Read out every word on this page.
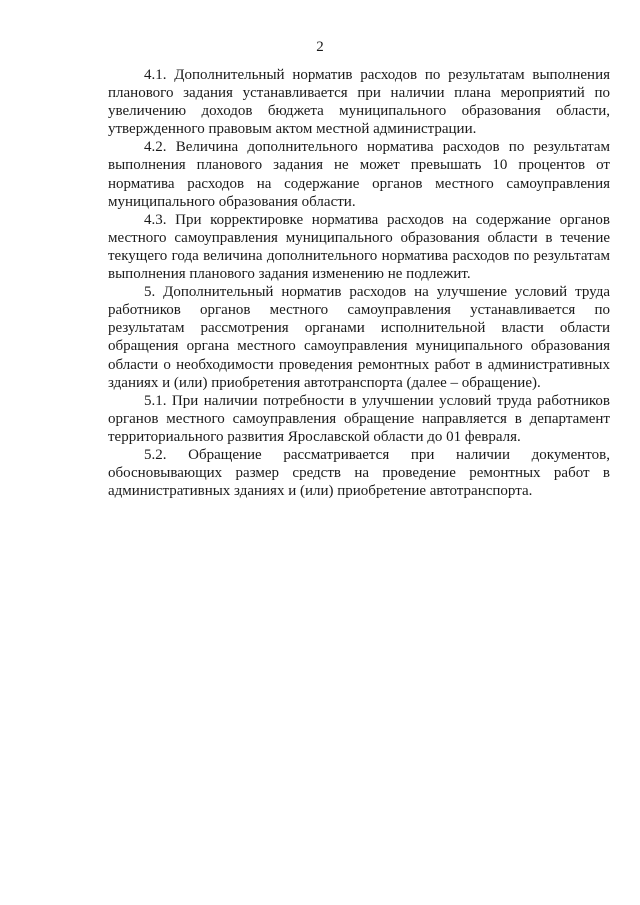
2

4.1. Дополнительный норматив расходов по результатам выполнения планового задания устанавливается при наличии плана мероприятий по увеличению доходов бюджета муниципального образования области, утвержденного правовым актом местной администрации.

4.2. Величина дополнительного норматива расходов по результатам выполнения планового задания не может превышать 10 процентов от норматива расходов на содержание органов местного самоуправления муниципального образования области.

4.3. При корректировке норматива расходов на содержание органов местного самоуправления муниципального образования области в течение текущего года величина дополнительного норматива расходов по результатам выполнения планового задания изменению не подлежит.

5. Дополнительный норматив расходов на улучшение условий труда работников органов местного самоуправления устанавливается по результатам рассмотрения органами исполнительной власти области обращения органа местного самоуправления муниципального образования области о необходимости проведения ремонтных работ в административных зданиях и (или) приобретения автотранспорта (далее – обращение).

5.1. При наличии потребности в улучшении условий труда работников органов местного самоуправления обращение направляется в департамент территориального развития Ярославской области до 01 февраля.

5.2. Обращение рассматривается при наличии документов, обосновывающих размер средств на проведение ремонтных работ в административных зданиях и (или) приобретение автотранспорта.
